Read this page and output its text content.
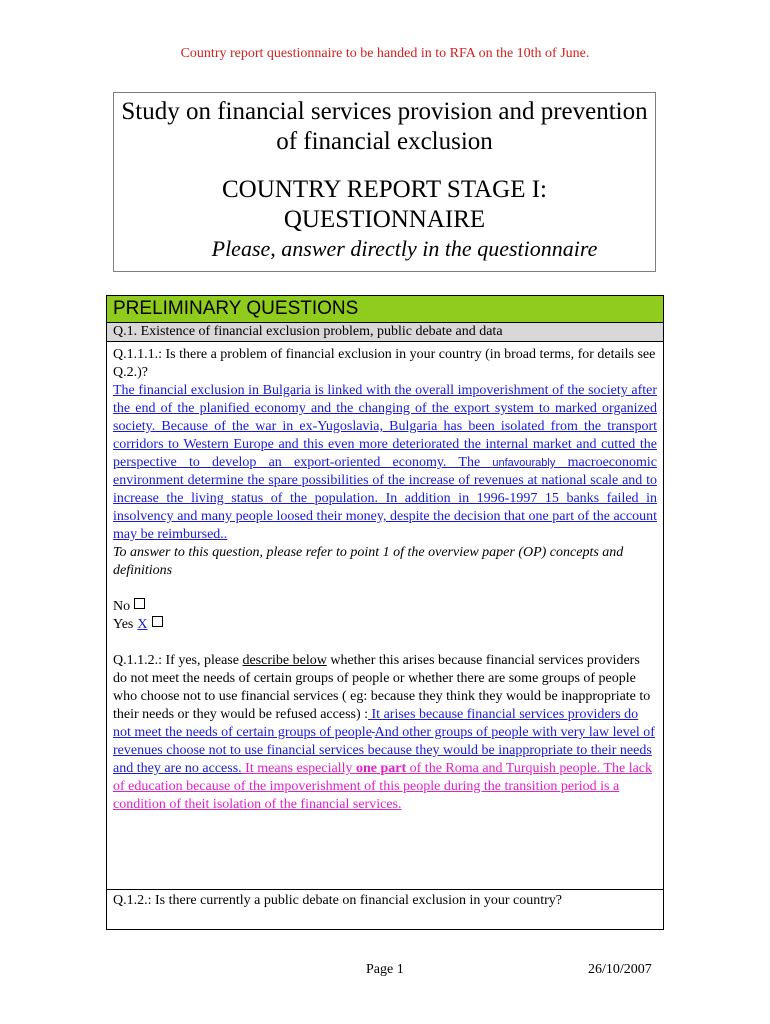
Country report questionnaire to be handed in to RFA on the 10th of June.

Study on financial services provision and prevention

of financial exclusion

COUNTRY REPORT STAGE I:

QUESTIONNAIRE

Please, answer directly in the questionnaire

PRELIMINARY QUESTIONS
Q.1. Existence of financial exclusion problem, public debate and data

Q.1.1.1.: Is there a problem of financial exclusion in your country (in broad terms, for details see Q.2.)?

The financial exclusion in Bulgaria is linked with the overall impoverishment of the society after the end of the planified economy and the changing of the export system to marked organized society. Because of the war in ex-Yugoslavia, Bulgaria has been isolated from the transport corridors to Western Europe and this even more deteriorated the internal market and cutted the perspective to develop an export-oriented economy. The unfavourably macroeconomic environment determine the spare possibilities of the increase of revenues at national scale and to increase the living status of the population. In addition in 1996-1997 15 banks failed in insolvency and many people loosed their money, despite the decision that one part of the account may be reimbursed..

To answer to this question, please refer to point 1 of the overview paper (OP) concepts and definitions

No

Yes X

Q.1.1.2.: If yes, please describe below whether this arises because financial services providers do not meet the needs of certain groups of people or whether there are some groups of people who choose not to use financial services ( eg: because they think they would be inappropriate to their needs or they would be refused access) : It arises because financial services providers do not meet the needs of certain groups of people And other groups of people with very law level of revenues choose not to use financial services because they would be inappropriate to their needs and they are no access. It means especially one part of the Roma and Turquish people. The lack of education because of the impoverishment of this people during the transition period is a condition of theit isolation of the financial services.

Q.1.2.: Is there currently a public debate on financial exclusion in your country?
Page 1	26/10/2007
